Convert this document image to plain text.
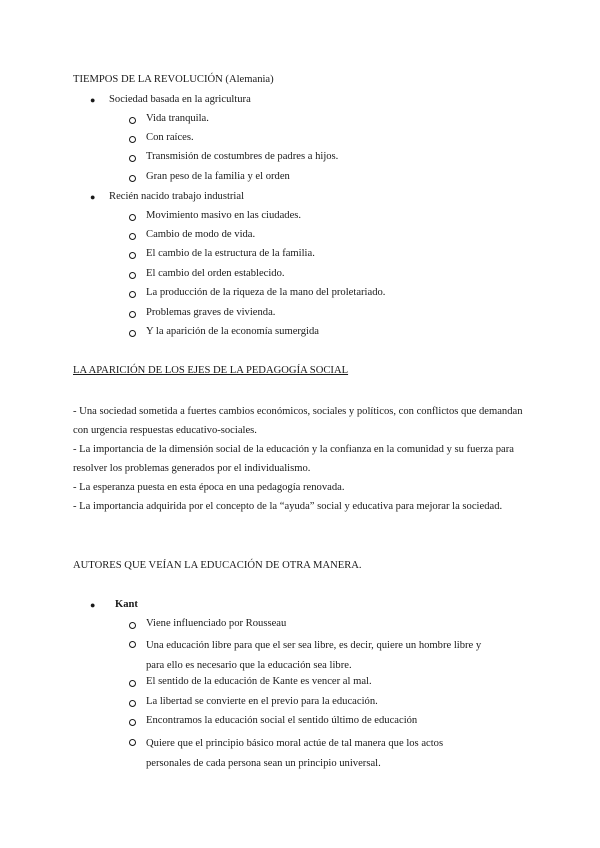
TIEMPOS DE LA REVOLUCIÓN (Alemania)
● Sociedad basada en la agricultura
Vida tranquila.
Con raíces.
Transmisión de costumbres de padres a hijos.
Gran peso de la familia y el orden
● Recién nacido trabajo industrial
Movimiento masivo en las ciudades.
Cambio de modo de vida.
El cambio de la estructura de la familia.
El cambio del orden establecido.
La producción de la riqueza de la mano del proletariado.
Problemas graves de vivienda.
Y la aparición de la economía sumergida
LA APARICIÓN DE LOS EJES DE LA PEDAGOGÍA SOCIAL
- Una sociedad sometida a fuertes cambios económicos, sociales y políticos, con conflictos que demandan con urgencia respuestas educativo-sociales.
- La importancia de la dimensión social de la educación y la confianza en la comunidad y su fuerza para resolver los problemas generados por el individualismo.
- La esperanza puesta en esta época en una pedagogía renovada.
- La importancia adquirida por el concepto de la “ayuda” social y educativa para mejorar la sociedad.
AUTORES QUE VEÍAN LA EDUCACIÓN DE OTRA MANERA.
● Kant
Viene influenciado por Rousseau
Una educación libre para que el ser sea libre, es decir, quiere un hombre libre y para ello es necesario que la educación sea libre.
El sentido de la educación de Kante es vencer al mal.
La libertad se convierte en el previo para la educación.
Encontramos la educación social el sentido último de educación
Quiere que el principio básico moral actúe de tal manera que los actos personales de cada persona sean un principio universal.
